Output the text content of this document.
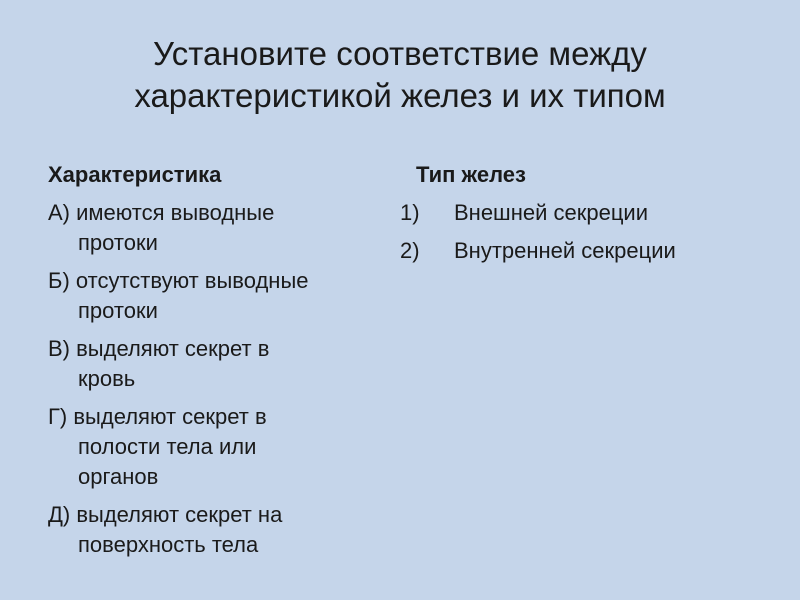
Установите соответствие между
характеристикой желез и их типом
Характеристика
А) имеются выводные
протоки
Б) отсутствуют выводные
протоки
В) выделяют секрет в
кровь
Г) выделяют секрет в
полости тела или
органов
Д) выделяют секрет на
поверхность тела
Тип желез
1)	Внешней секреции
2)	Внутренней секреции
